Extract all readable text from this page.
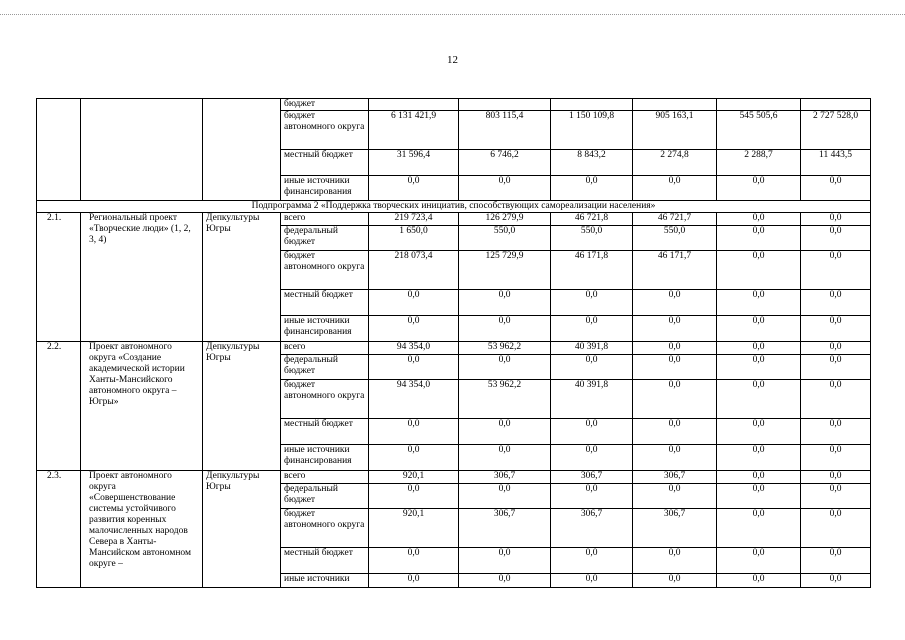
12
			бюджет						
			бюджет автономного округа	6 131 421,9	803 115,4	1 150 109,8	905 163,1	545 505,6	2 727 528,0
			местный бюджет	31 596,4	6 746,2	8 843,2	2 274,8	2 288,7	11 443,5
			иные источники финансирования	0,0	0,0	0,0	0,0	0,0	0,0
Подпрограмма 2 «Поддержка творческих инициатив, способствующих самореализации населения»									
2.1.	Региональный проект «Творческие люди» (1, 2, 3, 4)	Депкультуры Югры	всего	219 723,4	126 279,9	46 721,8	46 721,7	0,0	0,0
			федеральный бюджет	1 650,0	550,0	550,0	550,0	0,0	0,0
			бюджет автономного округа	218 073,4	125 729,9	46 171,8	46 171,7	0,0	0,0
			местный бюджет	0,0	0,0	0,0	0,0	0,0	0,0
			иные источники финансирования	0,0	0,0	0,0	0,0	0,0	0,0
2.2.	Проект автономного округа «Создание академической истории Ханты-Мансийского автономного округа – Югры»	Депкультуры Югры	всего	94 354,0	53 962,2	40 391,8	0,0	0,0	0,0
			федеральный бюджет	0,0	0,0	0,0	0,0	0,0	0,0
			бюджет автономного округа	94 354,0	53 962,2	40 391,8	0,0	0,0	0,0
			местный бюджет	0,0	0,0	0,0	0,0	0,0	0,0
			иные источники финансирования	0,0	0,0	0,0	0,0	0,0	0,0
2.3.	Проект автономного округа «Совершенствование системы устойчивого развития коренных малочисленных народов Севера в Ханты-Мансийском автономном округе –	Депкультуры Югры	всего	920,1	306,7	306,7	306,7	0,0	0,0
			федеральный бюджет	0,0	0,0	0,0	0,0	0,0	0,0
			бюджет автономного округа	920,1	306,7	306,7	306,7	0,0	0,0
			местный бюджет	0,0	0,0	0,0	0,0	0,0	0,0
			иные источники	0,0	0,0	0,0	0,0	0,0	0,0
